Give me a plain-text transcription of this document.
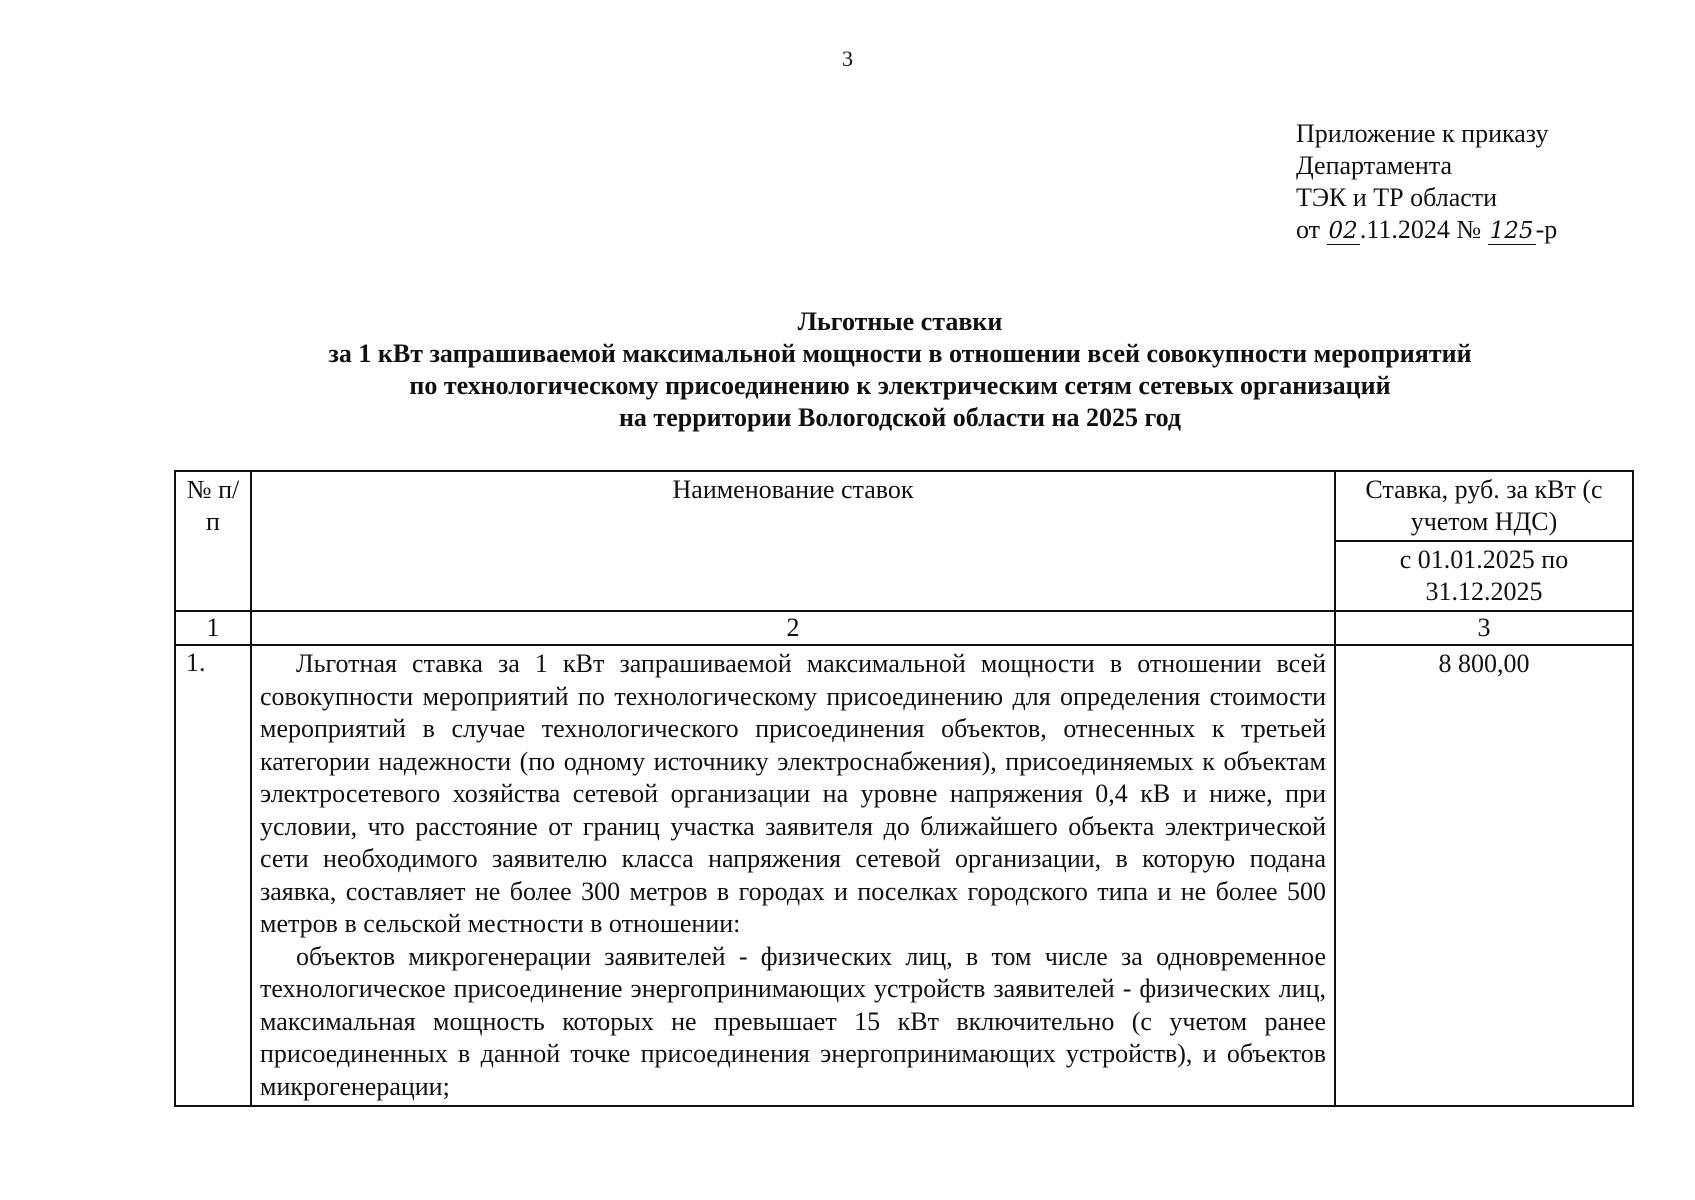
3
Приложение к приказу
Департамента
ТЭК и ТР области
от 02.11.2024 № 125-р
Льготные ставки
за 1 кВт запрашиваемой максимальной мощности в отношении всей совокупности мероприятий
по технологическому присоединению к электрическим сетям сетевых организаций
на территории Вологодской области на 2025 год
№ п/п	Наименование ставок	Ставка, руб. за кВт (с учетом НДС)
		с 01.01.2025 по 31.12.2025
1	2	3
1.	Льготная ставка за 1 кВт запрашиваемой максимальной мощности в отношении всей совокупности мероприятий по технологическому присоединению для определения стоимости мероприятий в случае технологического присоединения объектов, отнесенных к третьей категории надежности (по одному источнику электроснабжения), присоединяемых к объектам электросетевого хозяйства сетевой организации на уровне напряжения 0,4 кВ и ниже, при условии, что расстояние от границ участка заявителя до ближайшего объекта электрической сети необходимого заявителю класса напряжения сетевой организации, в которую подана заявка, составляет не более 300 метров в городах и поселках городского типа и не более 500 метров в сельской местности в отношении:

объектов микрогенерации заявителей - физических лиц, в том числе за одновременное технологическое присоединение энергопринимающих устройств заявителей - физических лиц, максимальная мощность которых не превышает 15 кВт включительно (с учетом ранее присоединенных в данной точке присоединения энергопринимающих устройств), и объектов микрогенерации;	8 800,00
